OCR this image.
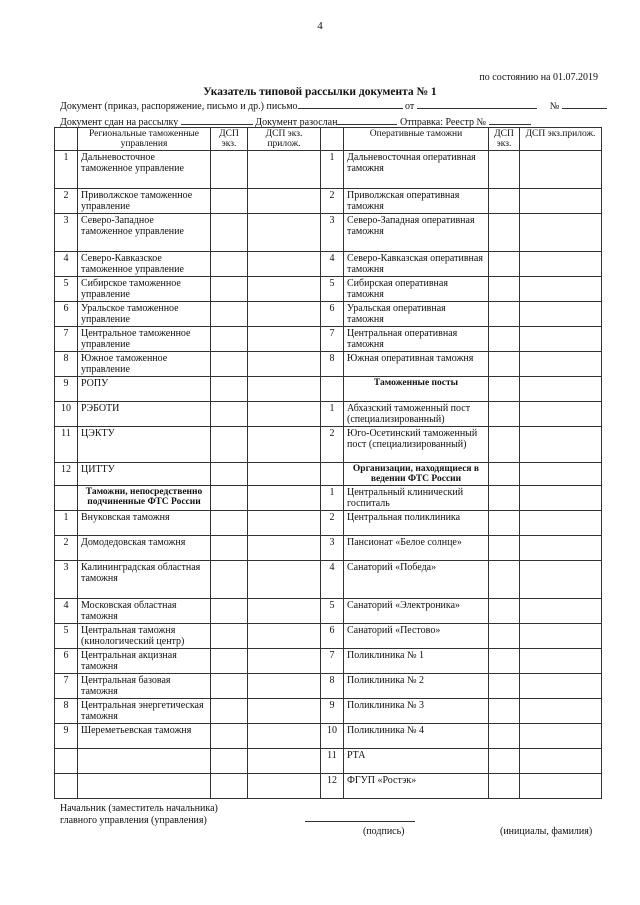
4
по состоянию на 01.07.2019
Указатель типовой рассылки документа № 1
Документ (приказ, распоряжение, письмо и др.) письмо	от	№
Документ сдан на рассылку	Документ разослан	Отправка: Реестр №
	Региональные таможенные управления	ДСП экз.	ДСП экз. прилож.		Оперативные таможни	ДСП экз.	ДСП экз.прилож.
1	Дальневосточное таможенное управление			1	Дальневосточная оперативная таможня		
2	Приволжское таможенное управление			2	Приволжская оперативная таможня		
3	Северо-Западное таможенное управление			3	Северо-Западная оперативная таможня		
4	Северо-Кавказское таможенное управление			4	Северо-Кавказская оперативная таможня		
5	Сибирское таможенное управление			5	Сибирская оперативная таможня		
6	Уральское таможенное управление			6	Уральская оперативная таможня		
7	Центральное таможенное управление			7	Центральная оперативная таможня		
8	Южное таможенное управление			8	Южная оперативная таможня		
9	РОПУ				Таможенные посты		
10	РЭБОТИ			1	Абхазский таможенный пост (специализированный)		
11	ЦЭКТУ			2	Юго-Осетинский таможенный пост (специализированный)		
12	ЦИТТУ				Организации, находящиеся в ведении ФТС России		
	Таможни, непосредственно подчиненные ФТС России			1	Центральный клинический госпиталь		
1	Внуковская таможня			2	Центральная поликлиника		
2	Домодедовская таможня			3	Пансионат «Белое солнце»		
3	Калининградская областная таможня			4	Санаторий «Победа»		
4	Московская областная таможня			5	Санаторий «Электроника»		
5	Центральная таможня (кинологический центр)			6	Санаторий «Пестово»		
6	Центральная акцизная таможня			7	Поликлиника № 1		
7	Центральная базовая таможня			8	Поликлиника № 2		
8	Центральная энергетическая таможня			9	Поликлиника № 3		
9	Шереметьевская таможня			10	Поликлиника № 4		
				11	РТА		
				12	ФГУП «Ростэк»		
Начальник (заместитель начальника)
главного управления (управления)
(подпись)	(инициалы, фамилия)
